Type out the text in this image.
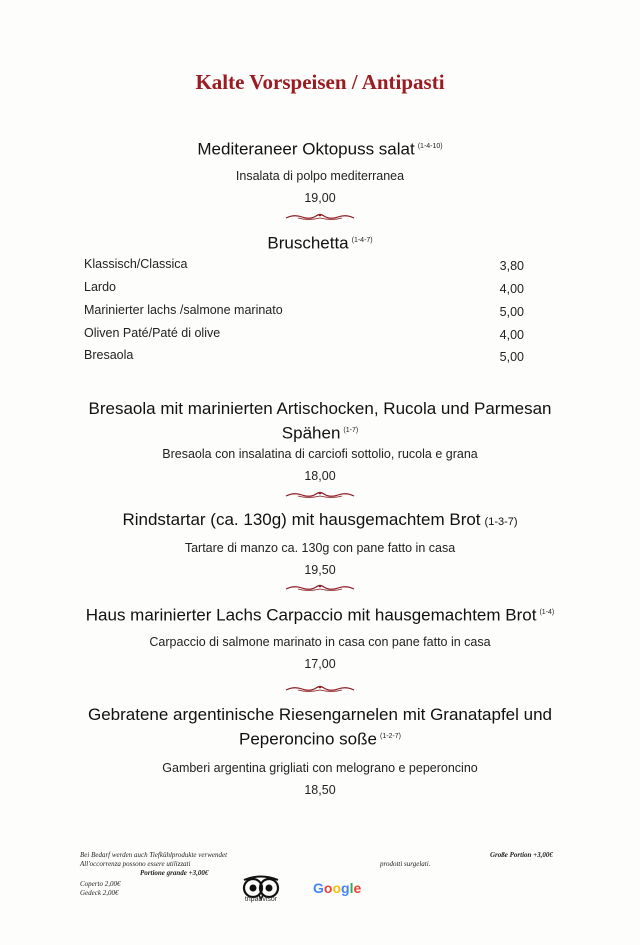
Kalte Vorspeisen / Antipasti
Mediteraneer Oktopuss salat $^{(1-4-10)}$
Insalata di polpo mediterranea
19,00
Bruschetta $^{(1-4-7)}$
Klassisch/Classica	3,80
Lardo	4,00
Marinierter lachs /salmone marinato	5,00
Oliven Paté/Paté di olive	4,00
Bresaola	5,00
Bresaola mit marinierten Artischocken, Rucola und Parmesan
Spähen $^{(1-7)}$
Bresaola con insalatina di carciofi sottolio, rucola e grana
18,00
Rindstartar (ca. 130g) mit hausgemachtem Brot (1-3-7)
Tartare di manzo ca. 130g con pane fatto in casa
19,50
Haus marinierter Lachs Carpaccio mit hausgemachtem Brot $^{(1-4)}$
Carpaccio di salmone marinato in casa con pane fatto in casa
17,00
Gebratene argentinische Riesengarnelen mit Granatapfel und
Peperoncino soße $^{(1-2-7)}$
Gamberi argentina grigliati con melograno e peperoncino
18,50
Bei Bedarf werden auch Tiefkühlprodukte verwendet
All'occorrenza possono essere utilizzati
Portione grande +3,00€
Coperto 2,00€
Gedeck 2,00€
prodotti surgelati.
Große Portion +3,00€
tripadvisor
Google
